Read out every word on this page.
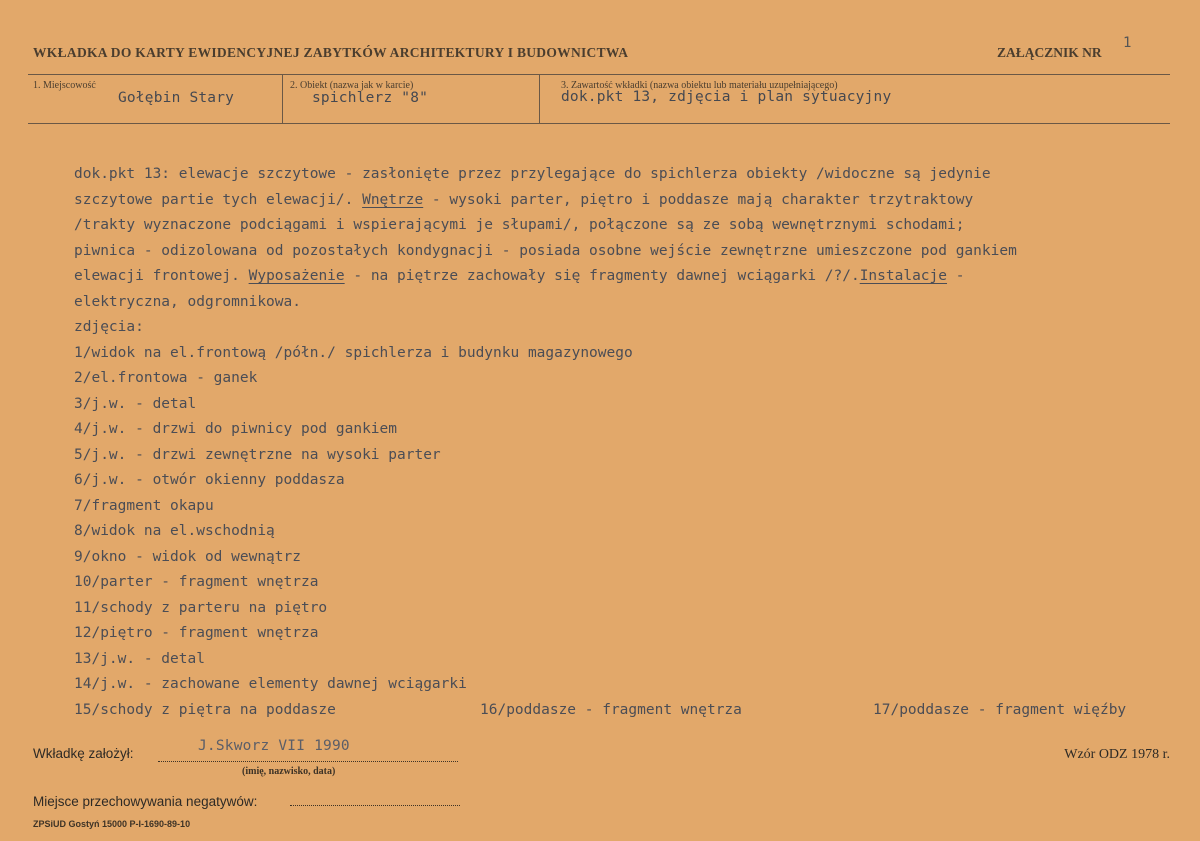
WKŁADKA DO KARTY EWIDENCYJNEJ ZABYTKÓW ARCHITEKTURY I BUDOWNICTWA	ZAŁĄCZNIK NR
1
1. Miejscowość
Gołębin Stary
2. Obiekt (nazwa jak w karcie)
spichlerz "8"
3. Zawartość wkładki (nazwa obiektu lub materiału uzupełniającego)
dok.pkt 13, zdjęcia i plan sytuacyjny
dok.pkt 13: elewacje szczytowe - zasłonięte przez przylegające do spichlerza obiekty /widoczne są jedynie
szczytowe partie tych elewacji/. Wnętrze - wysoki parter, piętro i poddasze mają charakter trzytraktowy
/trakty wyznaczone podciągami i wspierającymi je słupami/, połączone są ze sobą wewnętrznymi schodami;
piwnica - odizolowana od pozostałych kondygnacji - posiada osobne wejście zewnętrzne umieszczone pod gankiem
elewacji frontowej. Wyposażenie - na piętrze zachowały się fragmenty dawnej wciągarki /?/.Instalacje -
elektryczna, odgromnikowa.
zdjęcia:
1/widok na el.frontową /półn./ spichlerza i budynku magazynowego
2/el.frontowa - ganek
3/j.w. - detal
4/j.w. - drzwi do piwnicy pod gankiem
5/j.w. - drzwi zewnętrzne na wysoki parter
6/j.w. - otwór okienny poddasza
7/fragment okapu
8/widok na el.wschodnią
9/okno - widok od wewnątrz
10/parter - fragment wnętrza
11/schody z parteru na piętro
12/piętro - fragment wnętrza
13/j.w. - detal
14/j.w. - zachowane elementy dawnej wciągarki
15/schody z piętra na poddasze	16/poddasze - fragment wnętrza	17/poddasze - fragment więźby
Wkładkę założył:	J.Skworz VII 1990
(imię, nazwisko, data)
Wzór ODZ 1978 r.
Miejsce przechowywania negatywów:
ZPSiUD Gostyń 15000 P-I-1690-89-10
